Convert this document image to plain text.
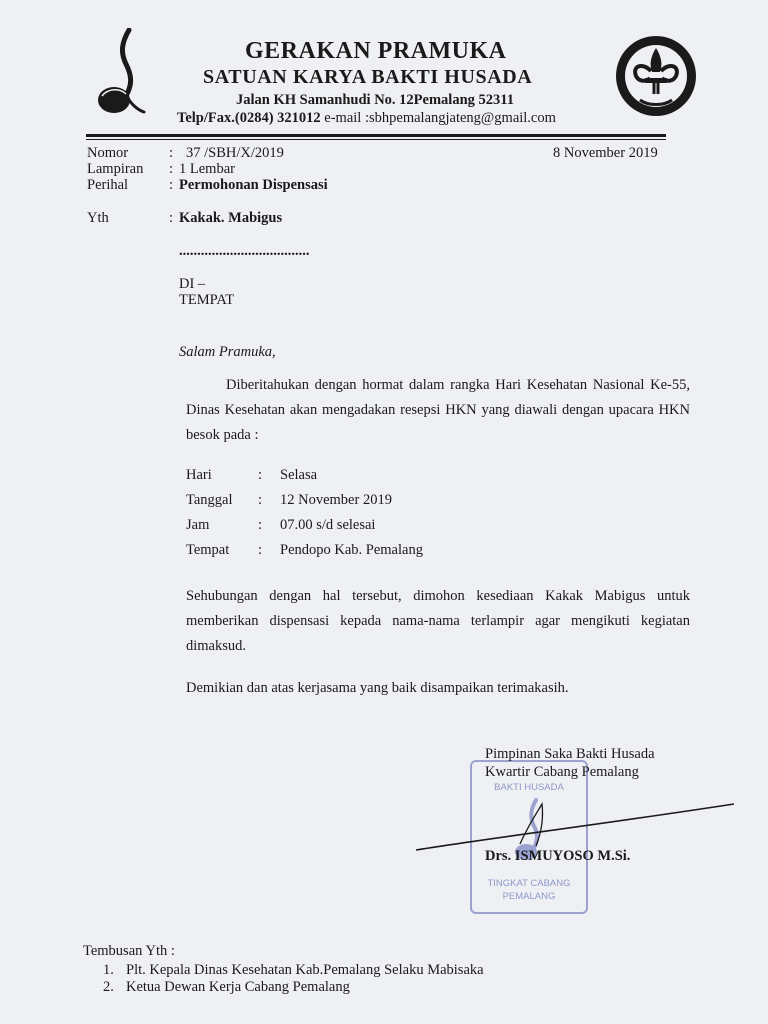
GERAKAN PRAMUKA
SATUAN KARYA BAKTI HUSADA
Jalan KH Samanhudi No. 12Pemalang 52311
Telp/Fax.(0284) 321012 e-mail :sbhpemalangjateng@gmail.com
Nomor	: 37 /SBH/X/2019	8 November 2019
Lampiran : 1 Lembar
Perihal	: Permohonan Dispensasi
Yth	: Kakak. Mabigus
....................................
DI –
TEMPAT
Salam Pramuka,
Diberitahukan dengan hormat dalam rangka Hari Kesehatan Nasional Ke-55, Dinas Kesehatan akan mengadakan resepsi HKN yang diawali dengan upacara HKN besok pada :
Hari	: Selasa
Tanggal : 12 November 2019
Jam	: 07.00 s/d selesai
Tempat : Pendopo Kab. Pemalang
Sehubungan dengan hal tersebut, dimohon kesediaan Kakak Mabigus untuk memberikan dispensasi kepada nama-nama terlampir agar mengikuti kegiatan dimaksud.
Demikian dan atas kerjasama yang baik disampaikan terimakasih.
BAKTI HUSADA
TINGKAT CABANG
PEMALANG
Pimpinan Saka Bakti Husada
Kwartir Cabang Pemalang
Drs. ISMUYOSO M.Si.
Tembusan Yth :
1. Plt. Kepala Dinas Kesehatan Kab.Pemalang Selaku Mabisaka
2. Ketua Dewan Kerja Cabang Pemalang
